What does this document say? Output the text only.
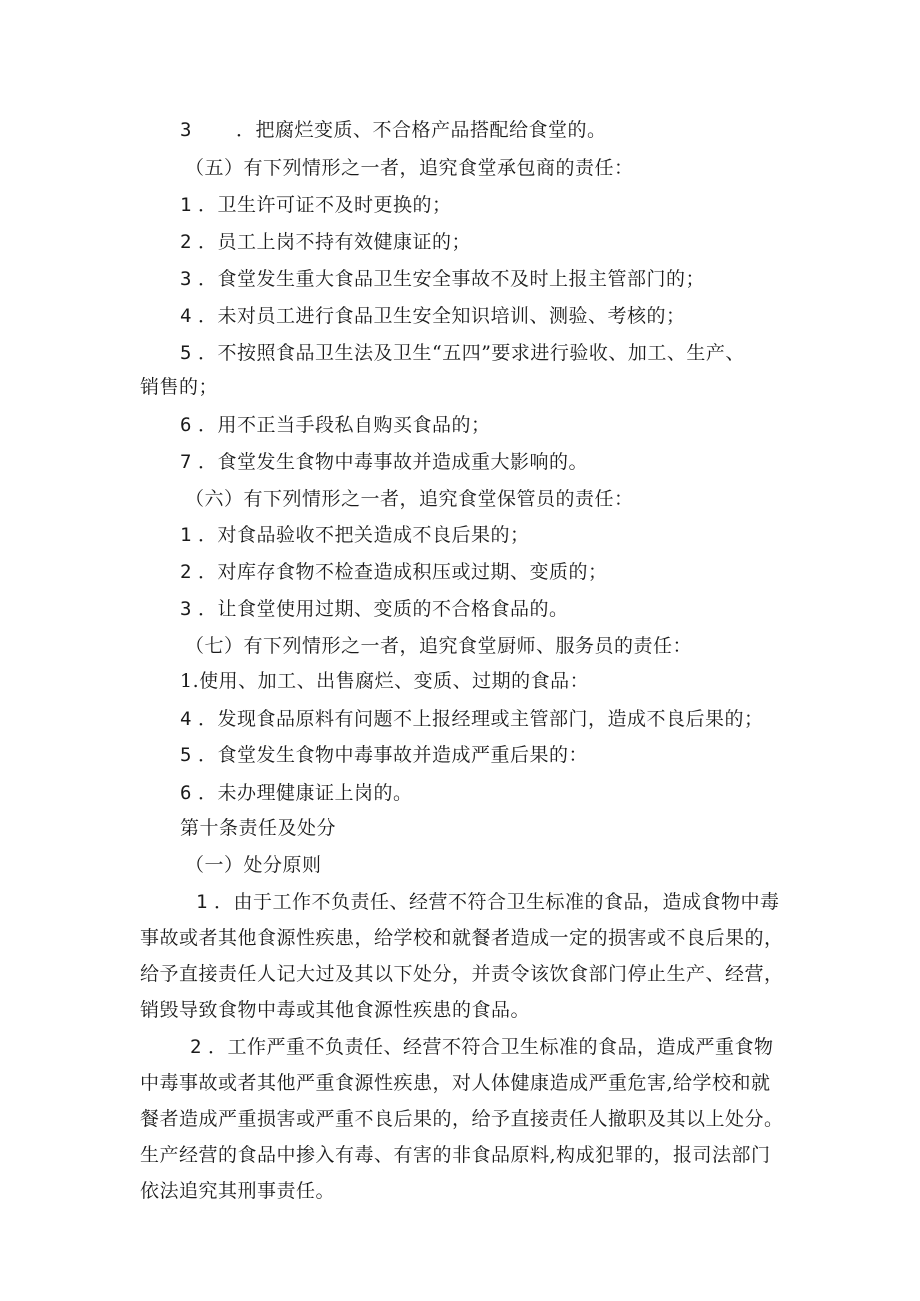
3 ．把腐烂变质、不合格产品搭配给食堂的。
（五）有下列情形之一者，追究食堂承包商的责任：
1 ．卫生许可证不及时更换的；
2 ．员工上岗不持有效健康证的；
3 ．食堂发生重大食品卫生安全事故不及时上报主管部门的；
4 ．未对员工进行食品卫生安全知识培训、测验、考核的；
5 ．不按照食品卫生法及卫生“五四”要求进行验收、加工、生产、
销售的；
6 ．用不正当手段私自购买食品的；
7 ．食堂发生食物中毒事故并造成重大影响的。
（六）有下列情形之一者，追究食堂保管员的责任：
1 ．对食品验收不把关造成不良后果的；
2 ．对库存食物不检查造成积压或过期、变质的；
3 ．让食堂使用过期、变质的不合格食品的。
（七）有下列情形之一者，追究食堂厨师、服务员的责任：
1.使用、加工、出售腐烂、变质、过期的食品：
4 ．发现食品原料有问题不上报经理或主管部门，造成不良后果的；
5 ．食堂发生食物中毒事故并造成严重后果的：
6 ．未办理健康证上岗的。
第十条责任及处分
（一）处分原则
1 ．由于工作不负责任、经营不符合卫生标准的食品，造成食物中毒
事故或者其他食源性疾患，给学校和就餐者造成一定的损害或不良后果的，
给予直接责任人记大过及其以下处分，并责令该饮食部门停止生产、经营，
销毁导致食物中毒或其他食源性疾患的食品。
2 ．工作严重不负责任、经营不符合卫生标准的食品，造成严重食物
中毒事故或者其他严重食源性疾患，对人体健康造成严重危害,给学校和就
餐者造成严重损害或严重不良后果的，给予直接责任人撤职及其以上处分。
生产经营的食品中掺入有毒、有害的非食品原料,构成犯罪的，报司法部门
依法追究其刑事责任。
